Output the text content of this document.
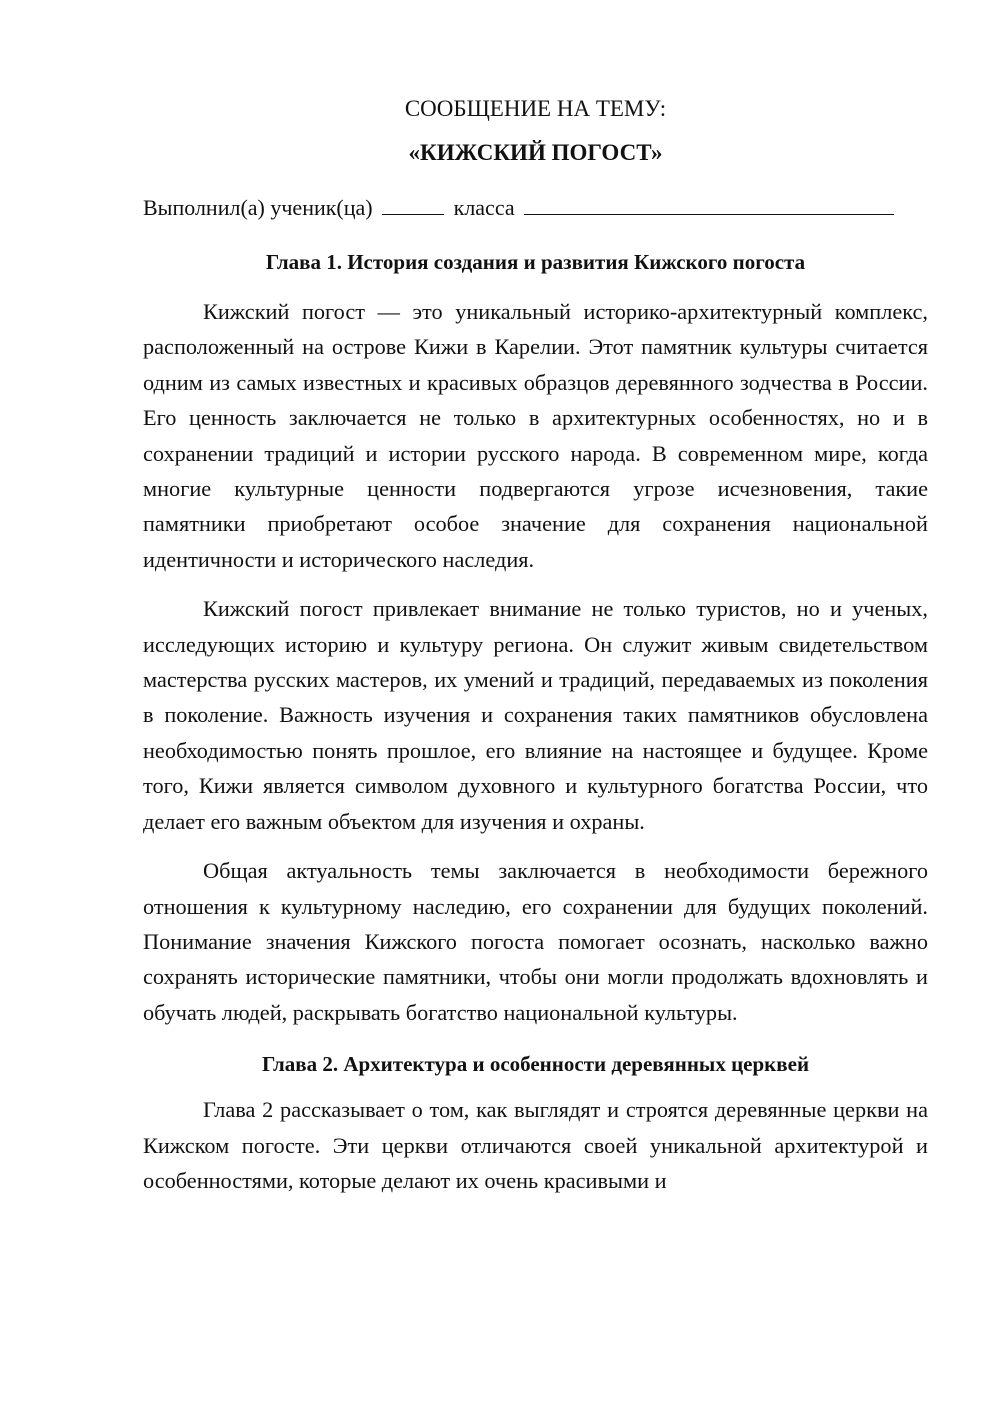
СООБЩЕНИЕ НА ТЕМУ:

«КИЖСКИЙ ПОГОСТ»

Выполнил(а) ученик(ца)	класса
Глава 1. История создания и развития Кижского погоста

Кижский погост — это уникальный историко-архитектурный комплекс, расположенный на острове Кижи в Карелии. Этот памятник культуры считается одним из самых известных и красивых образцов деревянного зодчества в России. Его ценность заключается не только в архитектурных особенностях, но и в сохранении традиций и истории русского народа. В современном мире, когда многие культурные ценности подвергаются угрозе исчезновения, такие памятники приобретают особое значение для сохранения национальной идентичности и исторического наследия.

Кижский погост привлекает внимание не только туристов, но и ученых, исследующих историю и культуру региона. Он служит живым свидетельством мастерства русских мастеров, их умений и традиций, передаваемых из поколения в поколение. Важность изучения и сохранения таких памятников обусловлена необходимостью понять прошлое, его влияние на настоящее и будущее. Кроме того, Кижи является символом духовного и культурного богатства России, что делает его важным объектом для изучения и охраны.

Общая актуальность темы заключается в необходимости бережного отношения к культурному наследию, его сохранении для будущих поколений. Понимание значения Кижского погоста помогает осознать, насколько важно сохранять исторические памятники, чтобы они могли продолжать вдохновлять и обучать людей, раскрывать богатство национальной культуры.

Глава 2. Архитектура и особенности деревянных церквей

Глава 2 рассказывает о том, как выглядят и строятся деревянные церкви на Кижском погосте. Эти церкви отличаются своей уникальной архитектурой и особенностями, которые делают их очень красивыми и
